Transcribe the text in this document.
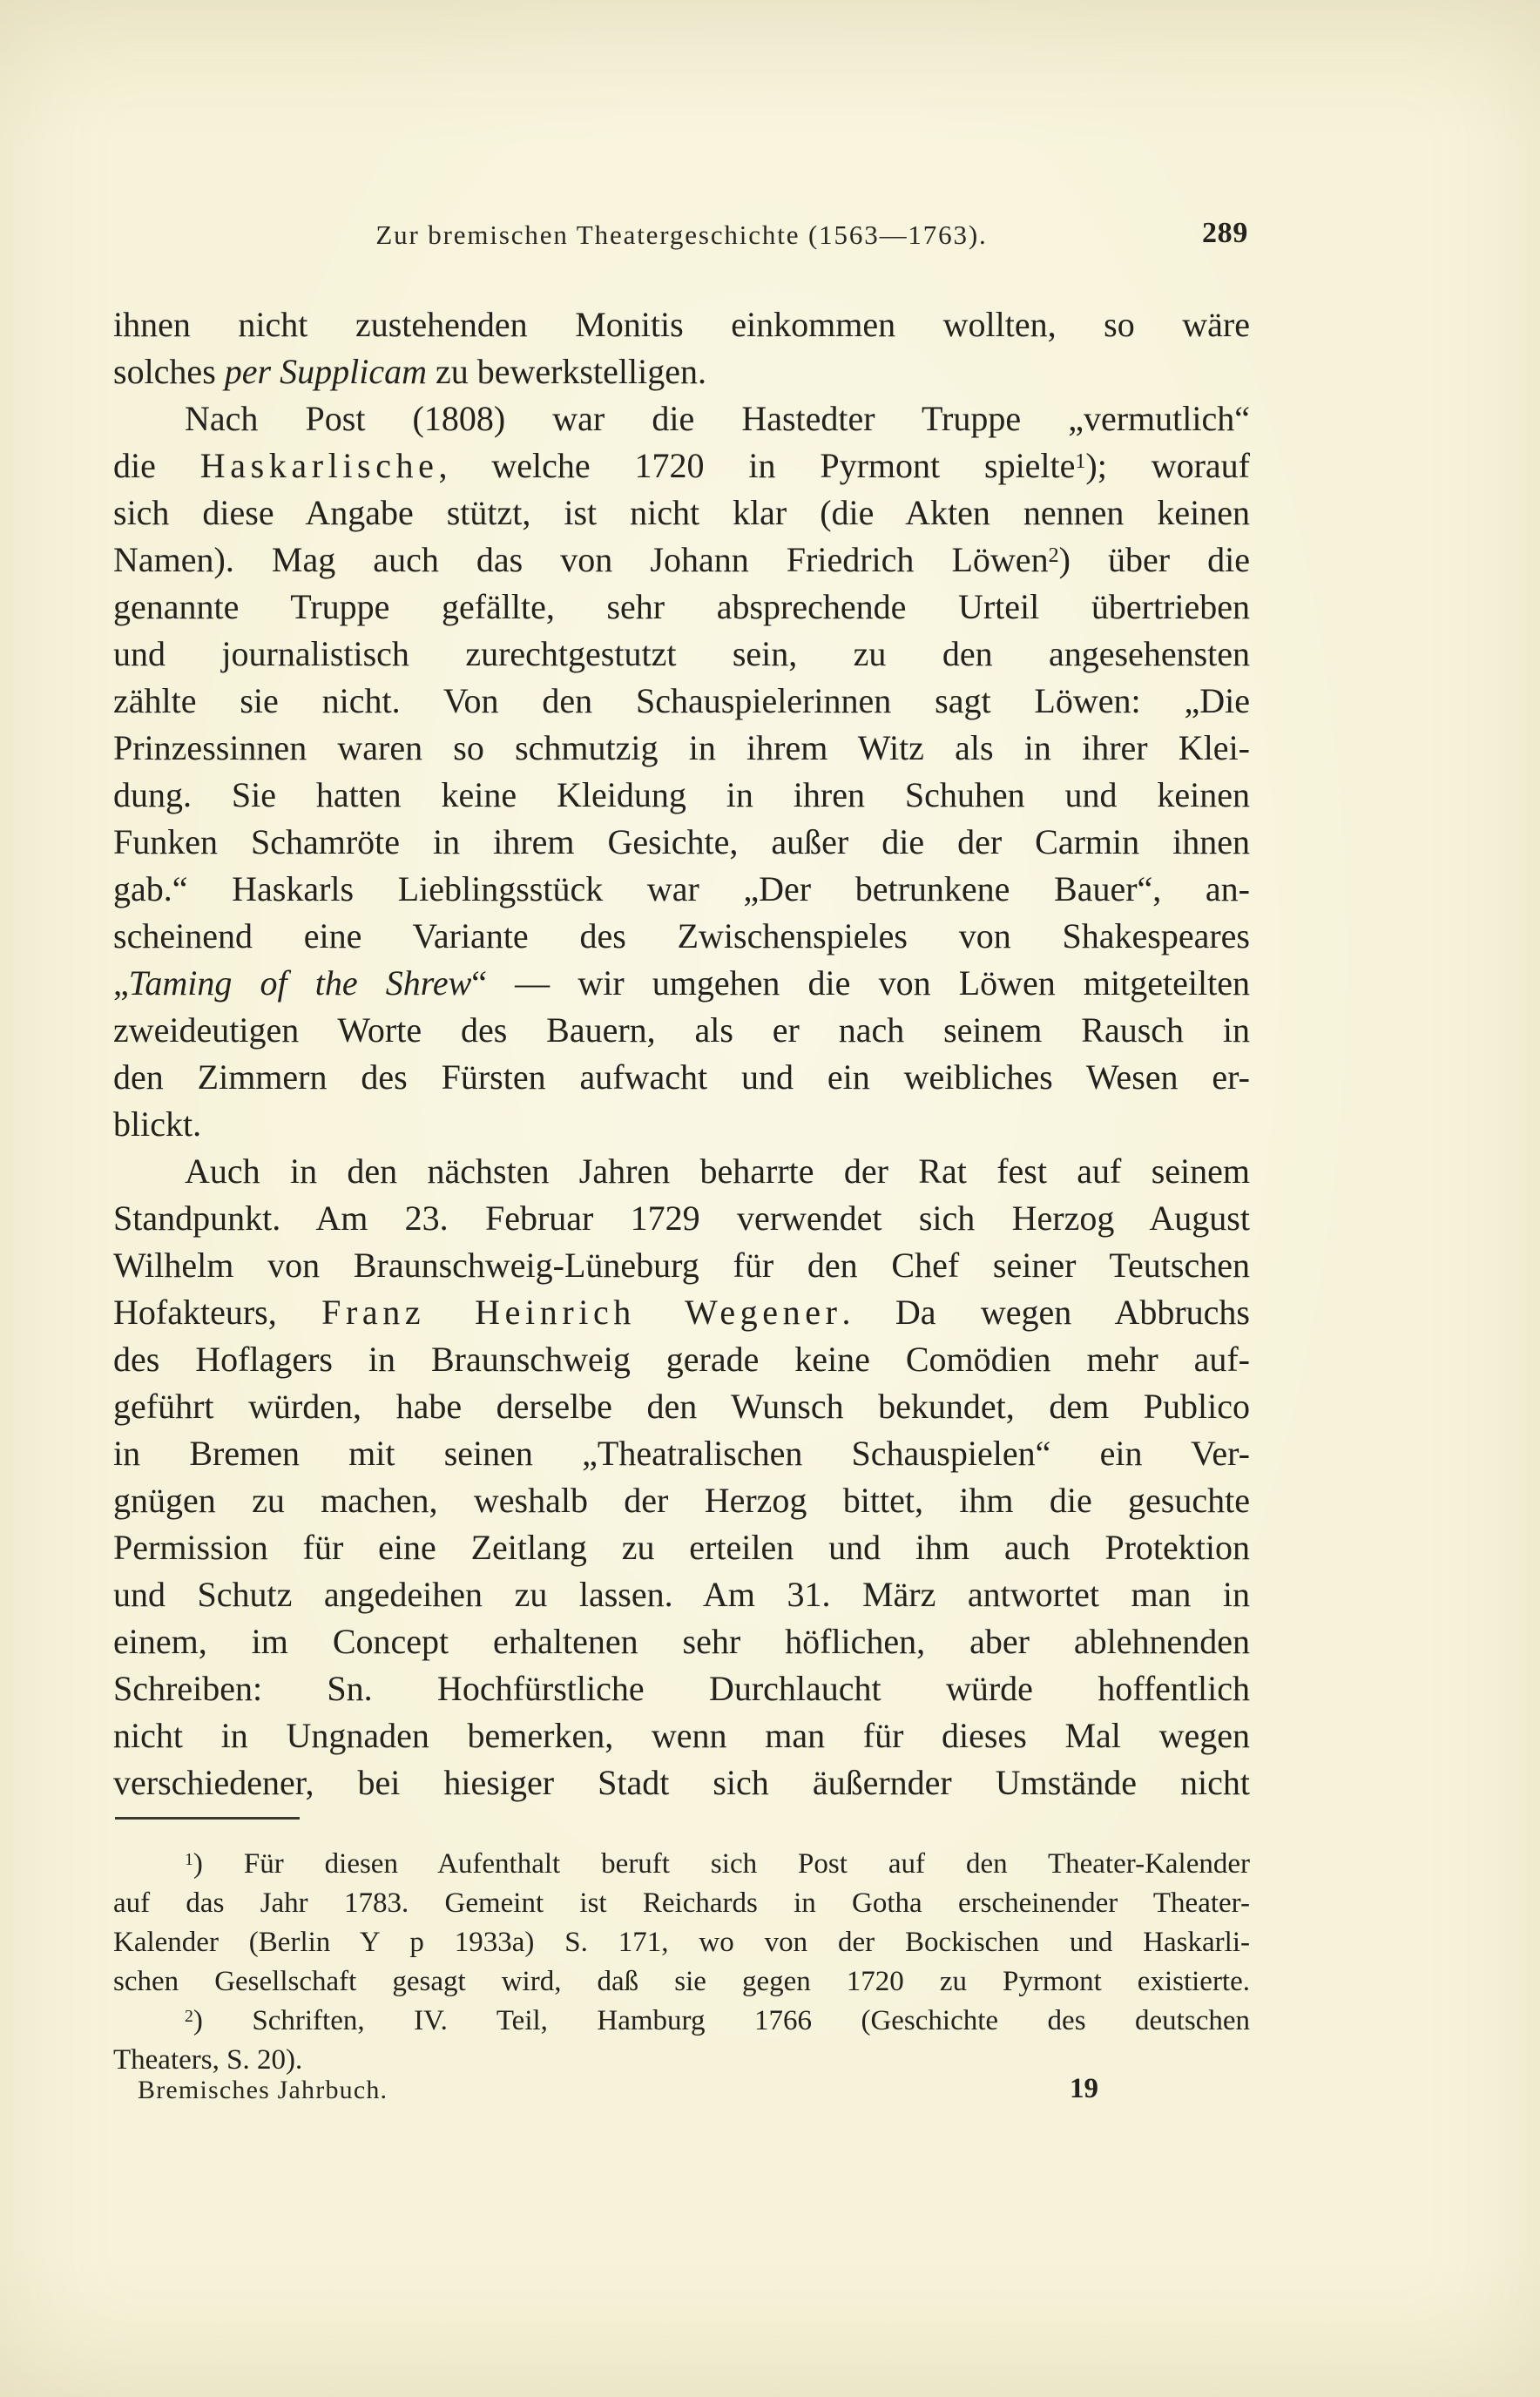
Zur bremischen Theatergeschichte (1563—1763).	289
ihnen nicht zustehenden Monitis einkommen wollten, so wäre
solches per Supplicam zu bewerkstelligen.
Nach Post (1808) war die Hastedter Truppe „vermutlich“
die Haskarlische, welche 1720 in Pyrmont spielte$^1$); worauf
sich diese Angabe stützt, ist nicht klar (die Akten nennen keinen
Namen). Mag auch das von Johann Friedrich Löwen$^2$) über die
genannte Truppe gefällte, sehr absprechende Urteil übertrieben
und journalistisch zurechtgestutzt sein, zu den angesehensten
zählte sie nicht. Von den Schauspielerinnen sagt Löwen: „Die
Prinzessinnen waren so schmutzig in ihrem Witz als in ihrer Klei-
dung. Sie hatten keine Kleidung in ihren Schuhen und keinen
Funken Schamröte in ihrem Gesichte, außer die der Carmin ihnen
gab.“ Haskarls Lieblingsstück war „Der betrunkene Bauer“, an-
scheinend eine Variante des Zwischenspieles von Shakespeares
„Taming of the Shrew“ — wir umgehen die von Löwen mitgeteilten
zweideutigen Worte des Bauern, als er nach seinem Rausch in
den Zimmern des Fürsten aufwacht und ein weibliches Wesen er-
blickt.
Auch in den nächsten Jahren beharrte der Rat fest auf seinem
Standpunkt. Am 23. Februar 1729 verwendet sich Herzog August
Wilhelm von Braunschweig-Lüneburg für den Chef seiner Teutschen
Hofakteurs, Franz Heinrich Wegener. Da wegen Abbruchs
des Hoflagers in Braunschweig gerade keine Comödien mehr auf-
geführt würden, habe derselbe den Wunsch bekundet, dem Publico
in Bremen mit seinen „Theatralischen Schauspielen“ ein Ver-
gnügen zu machen, weshalb der Herzog bittet, ihm die gesuchte
Permission für eine Zeitlang zu erteilen und ihm auch Protektion
und Schutz angedeihen zu lassen. Am 31. März antwortet man in
einem, im Concept erhaltenen sehr höflichen, aber ablehnenden
Schreiben: Sn. Hochfürstliche Durchlaucht würde hoffentlich
nicht in Ungnaden bemerken, wenn man für dieses Mal wegen
verschiedener, bei hiesiger Stadt sich äußernder Umstände nicht
$^1$) Für diesen Aufenthalt beruft sich Post auf den Theater-Kalender
auf das Jahr 1783. Gemeint ist Reichards in Gotha erscheinender Theater-
Kalender (Berlin Y p 1933a) S. 171, wo von der Bockischen und Haskarli-
schen Gesellschaft gesagt wird, daß sie gegen 1720 zu Pyrmont existierte.
$^2$) Schriften, IV. Teil, Hamburg 1766 (Geschichte des deutschen
Theaters, S. 20).
Bremisches Jahrbuch.	19
